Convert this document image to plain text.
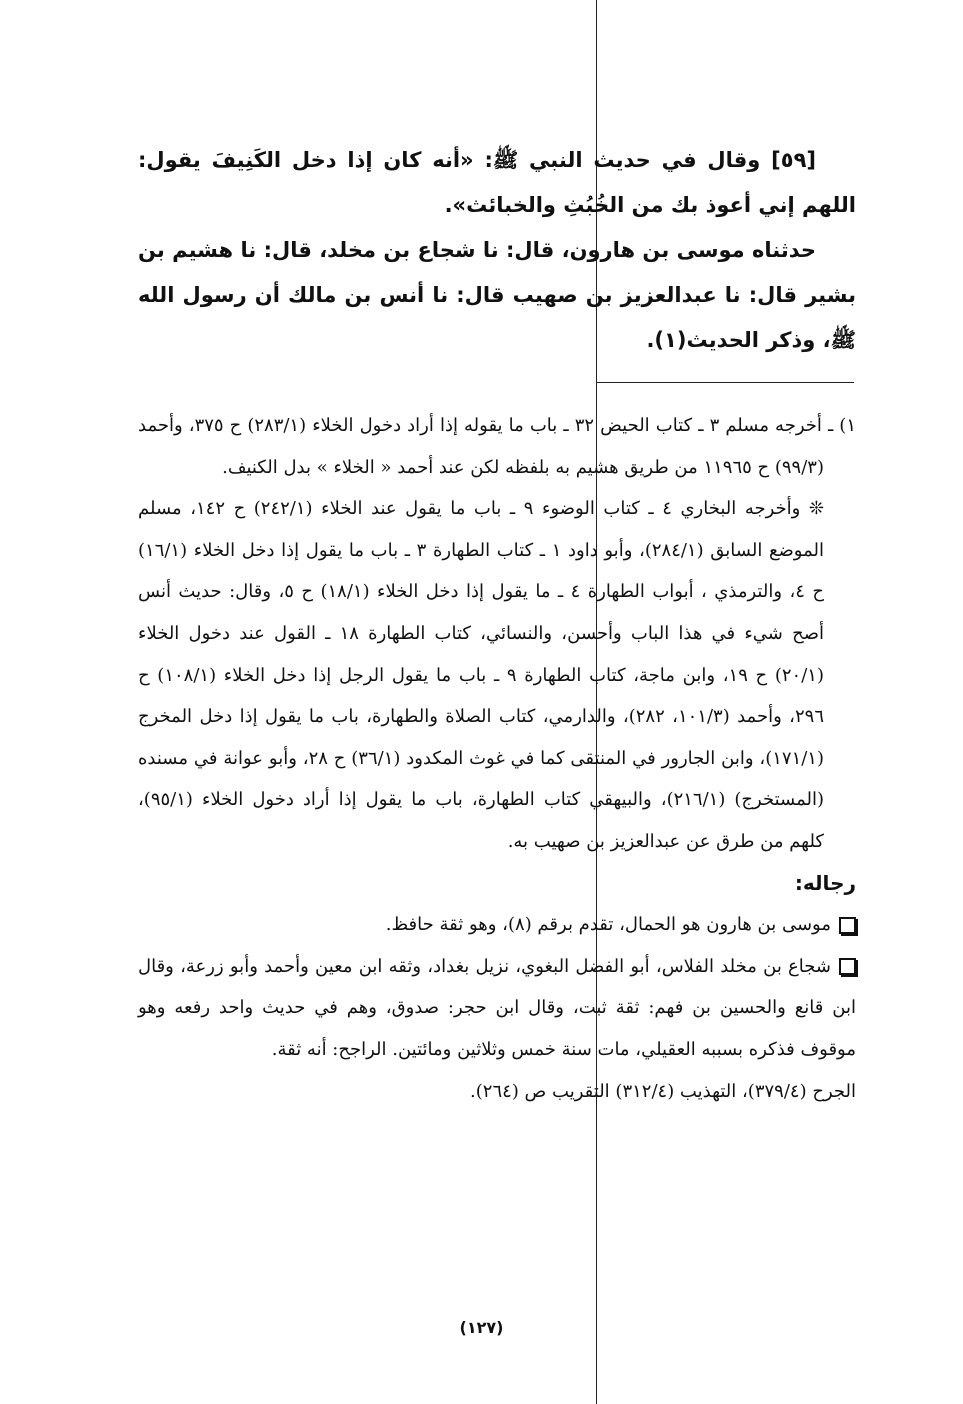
[٥٩] وقال في حديث النبي ﷺ: «أنه كان إذا دخل الكَنِيفَ يقول: اللهم إني أعوذ بك من الخُبُثِ والخبائث».

حدثناه موسى بن هارون، قال: نا شجاع بن مخلد، قال: نا هشيم بن بشير قال: نا عبدالعزيز بن صهيب قال: نا أنس بن مالك أن رسول الله ﷺ، وذكر الحديث(١).

١) ـ أخرجه مسلم ٣ ـ كتاب الحيض ٣٢ ـ باب ما يقوله إذا أراد دخول الخلاء (٢٨٣/١) ح ٣٧٥، وأحمد (٩٩/٣) ح ١١٩٦٥ من طريق هشيم به بلفظه لكن عند أحمد « الخلاء » بدل الكنيف.

❊ وأخرجه البخاري ٤ ـ كتاب الوضوء ٩ ـ باب ما يقول عند الخلاء (٢٤٢/١) ح ١٤٢، مسلم الموضع السابق (٢٨٤/١)، وأبو داود ١ ـ كتاب الطهارة ٣ ـ باب ما يقول إذا دخل الخلاء (١٦/١) ح ٤، والترمذي ، أبواب الطهارة ٤ ـ ما يقول إذا دخل الخلاء (١٨/١) ح ٥، وقال: حديث أنس أصح شيء في هذا الباب وأحسن، والنسائي، كتاب الطهارة ١٨ ـ القول عند دخول الخلاء (٢٠/١) ح ١٩، وابن ماجة، كتاب الطهارة ٩ ـ باب ما يقول الرجل إذا دخل الخلاء (١٠٨/١) ح ٢٩٦، وأحمد (١٠١/٣، ٢٨٢)، والدارمي، كتاب الصلاة والطهارة، باب ما يقول إذا دخل المخرج (١٧١/١)، وابن الجارور في المنتقى كما في غوث المكدود (٣٦/١) ح ٢٨، وأبو عوانة في مسنده (المستخرج) (٢١٦/١)، والبيهقي كتاب الطهارة، باب ما يقول إذا أراد دخول الخلاء (٩٥/١)، كلهم من طرق عن عبدالعزيز بن صهيب به.

رجاله:

موسى بن هارون هو الحمال، تقدم برقم (٨)، وهو ثقة حافظ.

شجاع بن مخلد الفلاس، أبو الفضل البغوي، نزيل بغداد، وثقه ابن معين وأحمد وأبو زرعة، وقال ابن قانع والحسين بن فهم: ثقة ثبت، وقال ابن حجر: صدوق، وهم في حديث واحد رفعه وهو موقوف فذكره بسببه العقيلي، مات سنة خمس وثلاثين ومائتين. الراجح: أنه ثقة.

الجرح (٣٧٩/٤)، التهذيب (٣١٢/٤) التقريب ص (٢٦٤).

(١٢٧)
